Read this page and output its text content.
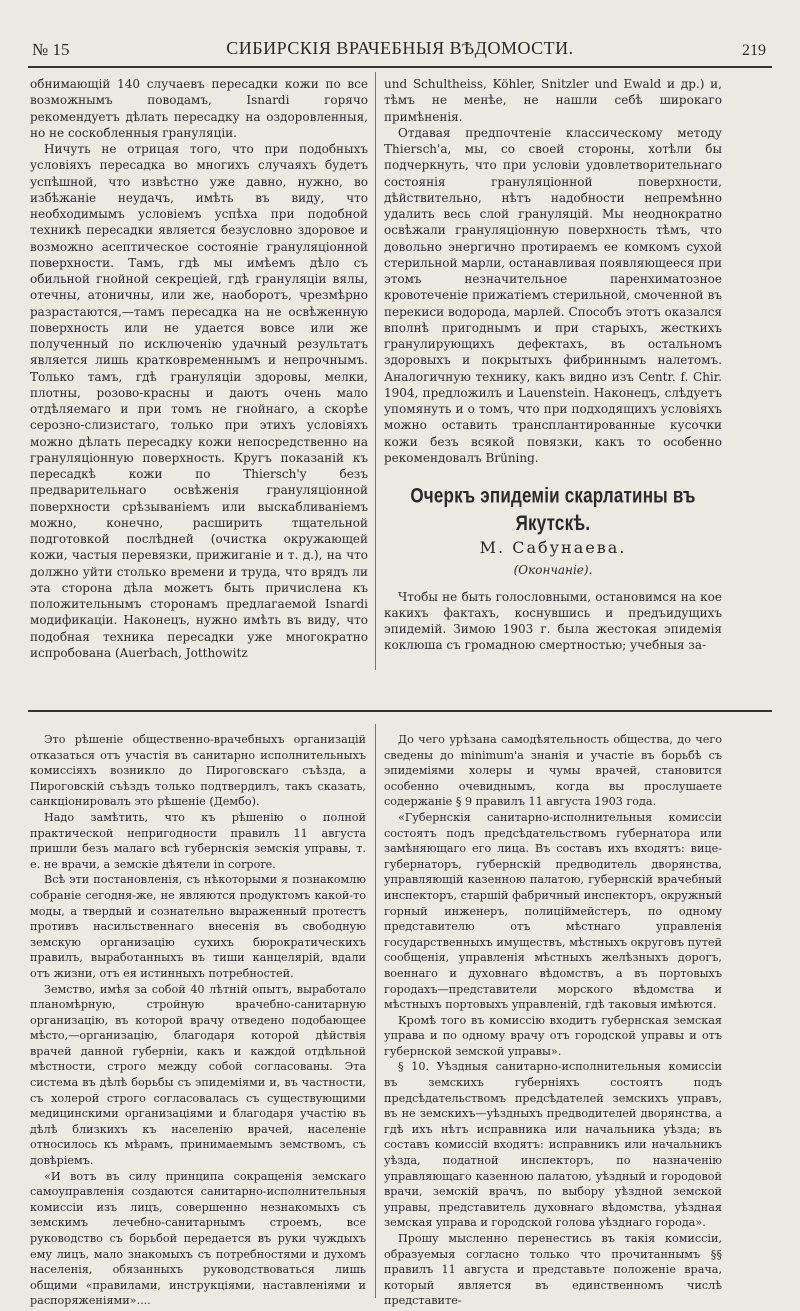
№ 15	СИБИРСКIЯ ВРАЧЕБНЫЯ ВѢДОМОСТИ.	219

обнимающiй 140 случаевъ пересадки кожи по все возможнымъ поводамъ, Isnardi горячо рекомендуетъ дѣлать пересадку на оздоровленныя, но не соскобленныя грануляцiи.

Ничуть не отрицая того, что при подобныхъ условiяхъ пересадка во многихъ случаяхъ будетъ успѣшной, что извѣстно уже давно, нужно, во избѣжанiе неудачъ, имѣть въ виду, что необходимымъ условiемъ успѣха при подобной техникѣ пересадки является безусловно здоровое и возможно асептическое состоянiе грануляцiонной поверхности. Тамъ, гдѣ мы имѣемъ дѣло съ обильной гнойной секрецiей, гдѣ грануляцiи вялы, отечны, атоничны, или же, наоборотъ, чрезмѣрно разрастаются,—тамъ пересадка на не освѣженную поверхность или не удается вовсе или же полученный по исключенiю удачный результатъ является лишь кратковременнымъ и непрочнымъ. Только тамъ, гдѣ грануляцiи здоровы, мелки, плотны, розово-красны и даютъ очень мало отдѣляемаго и при томъ не гнойнаго, а скорѣе серозно-слизистаго, только при этихъ условiяхъ можно дѣлать пересадку кожи непосредственно на грануляцiонную поверхность. Кругъ показанiй къ пересадкѣ кожи по Thiersch'у безъ предварительнаго освѣженiя грануляцiонной поверхности срѣзыванiемъ или выскабливанiемъ можно, конечно, расширить тщательной подготовкой послѣдней (очистка окружающей кожи, частыя перевязки, прижиганiе и т. д.), на что должно уйти столько времени и труда, что врядъ ли эта сторона дѣла можетъ быть причислена къ положительнымъ сторонамъ предлагаемой Isnardi модификацiи. Наконецъ, нужно имѣть въ виду, что подобная техника пересадки уже многократно испробована (Auerbach, Jotthowitz

und Schultheiss, Köhler, Snitzler und Ewald и др.) и, тѣмъ не менѣе, не нашли себѣ широкаго примѣненiя.

Отдавая предпочтенiе классическому методу Thiersch'а, мы, со своей стороны, хотѣли бы подчеркнуть, что при условiи удовлетворительнаго состоянiя грануляцiонной поверхности, дѣйствительно, нѣтъ надобности непремѣнно удалить весь слой грануляцiй. Мы неоднократно освѣжали грануляцiонную поверхность тѣмъ, что довольно энергично протираемъ ее комкомъ сухой стерильной марли, останавливая появляющееся при этомъ незначительное паренхиматозное кровотеченiе прижатiемъ стерильной, смоченной въ перекиси водорода, марлей. Способъ этотъ оказался вполнѣ пригоднымъ и при старыхъ, жесткихъ гранулирующихъ дефектахъ, въ остальномъ здоровыхъ и покрытыхъ фибриннымъ налетомъ. Аналогичную технику, какъ видно изъ Centr. f. Chir. 1904, предложилъ и Lauenstein. Наконецъ, слѣдуетъ упомянуть и о томъ, что при подходящихъ условiяхъ можно оставить трансплантированные кусочки кожи безъ всякой повязки, какъ то особенно рекомендовалъ Brüning.

Очеркъ эпидемiи скарлатины въ Якутскѣ.

М. Сабунаева.

(Окончанiе).

Чтобы не быть голословными, остановимся на кое какихъ фактахъ, коснувшись и предъидущихъ эпидемiй. Зимою 1903 г. была жестокая эпидемiя коклюша съ громадною смертностью; учебныя за-

Это рѣшенiе общественно-врачебныхъ организацiй отказаться отъ участiя въ санитарно исполнительныхъ комиссiяхъ возникло до Пироговскаго съѣзда, а Пироговскiй съѣздъ только подтвердилъ, такъ сказать, санкцiонировалъ это рѣшенiе (Дембо).

Надо замѣтить, что къ рѣшенiю о полной практической непригодности правилъ 11 августа пришли безъ малаго всѣ губернскiя земскiя управы, т. е. не врачи, а земскiе дѣятели in corpore.

Всѣ эти постановленiя, съ нѣкоторыми я познакомлю собранiе сегодня-же, не являются продуктомъ какой-то моды, а твердый и сознательно выраженный протестъ противъ насильственнаго внесенiя въ свободную земскую организацiю сухихъ бюрократическихъ правилъ, выработанныхъ въ тиши канцелярiй, вдали отъ жизни, отъ ея истинныхъ потребностей.

Земство, имѣя за собой 40 лѣтнiй опытъ, выработало планомѣрную, стройную врачебно-санитарную организацiю, въ которой врачу отведено подобающее мѣсто,—организацiю, благодаря которой дѣйствiя врачей данной губернiи, какъ и каждой отдѣльной мѣстности, строго между собой согласованы. Эта система въ дѣлѣ борьбы съ эпидемiями и, въ частности, съ холерой строго согласовалась съ существующими медицинскими организацiями и благодаря участiю въ дѣлѣ близкихъ къ населенiю врачей, населенiе относилось къ мѣрамъ, принимаемымъ земствомъ, съ довѣрiемъ.

«И вотъ въ силу принципа сокращенiя земскаго самоуправленiя создаются санитарно-исполнительныя комиссiи изъ лицъ, совершенно незнакомыхъ съ земскимъ лечебно-санитарнымъ строемъ, все руководство съ борьбой передается въ руки чуждыхъ ему лицъ, мало знакомыхъ съ потребностями и духомъ населенiя, обязанныхъ руководствоваться лишь общими «правилами, инструкцiями, наставленiями и распоряженiями»....

До чего урѣзана самодѣятельность общества, до чего сведены до minimum'а знанiя и участiе въ борьбѣ съ эпидемiями холеры и чумы врачей, становится особенно очевиднымъ, когда вы прослушаете содержанiе § 9 правилъ 11 августа 1903 года.

«Губернскiя санитарно-исполнительныя комиссiи состоятъ подъ предсѣдательствомъ губернатора или замѣняющаго его лица. Въ составъ ихъ входятъ: вице-губернаторъ, губернскiй предводитель дворянства, управляющiй казенною палатою, губернскiй врачебный инспекторъ, старшiй фабричный инспекторъ, окружный горный инженеръ, полицiймейстеръ, по одному представителю отъ мѣстнаго управленiя государственныхъ имуществъ, мѣстныхъ округовъ путей сообщенiя, управленiя мѣстныхъ желѣзныхъ дорогъ, военнаго и духовнаго вѣдомствъ, а въ портовыхъ городахъ—представители морского вѣдомства и мѣстныхъ портовыхъ управленiй, гдѣ таковыя имѣются.

Кромѣ того въ комиссiю входитъ губернская земская управа и по одному врачу отъ городской управы и отъ губернской земской управы».

§ 10. Уѣздныя санитарно-исполнительныя комиссiи въ земскихъ губернiяхъ состоятъ подъ предсѣдательствомъ предсѣдателей земскихъ управъ, въ не земскихъ—уѣздныхъ предводителей дворянства, а гдѣ ихъ нѣтъ исправника или начальника уѣзда; въ составъ комиссiй входятъ: исправникъ или начальникъ уѣзда, податной инспекторъ, по назначенiю управляющаго казенною палатою, уѣздный и городовой врачи, земскiй врачъ, по выбору уѣздной земской управы, представитель духовнаго вѣдомства, уѣздная земская управа и городской голова уѣзднаго города».

Прошу мысленно перенестись въ такiя комиссiи, образуемыя согласно только что прочитаннымъ §§ правилъ 11 августа и представьте положенiе врача, который является въ единственномъ числѣ представите-
